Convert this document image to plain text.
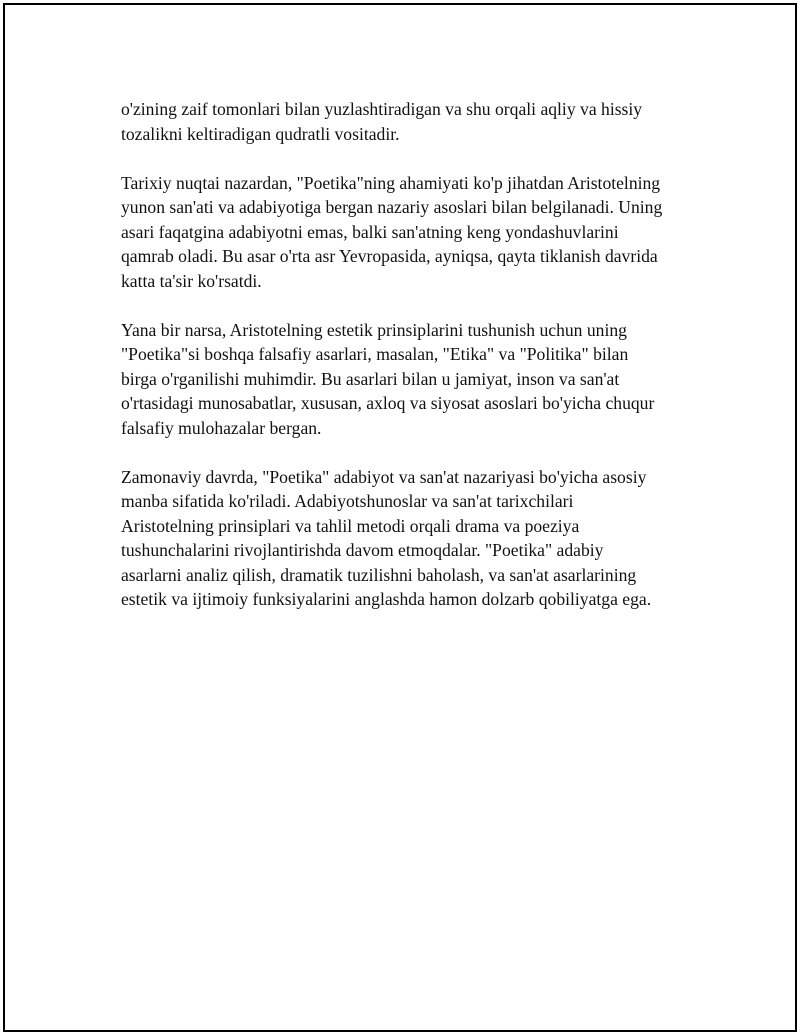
o'zining zaif tomonlari bilan yuzlashtiradigan va shu orqali aqliy va hissiy
tozalikni keltiradigan qudratli vositadir.

Tarixiy nuqtai nazardan, "Poetika"ning ahamiyati ko'p jihatdan Aristotelning
yunon san'ati va adabiyotiga bergan nazariy asoslari bilan belgilanadi. Uning
asari faqatgina adabiyotni emas, balki san'atning keng yondashuvlarini
qamrab oladi. Bu asar o'rta asr Yevropasida, ayniqsa, qayta tiklanish davrida
katta ta'sir ko'rsatdi.

Yana bir narsa, Aristotelning estetik prinsiplarini tushunish uchun uning
"Poetika"si boshqa falsafiy asarlari, masalan, "Etika" va "Politika" bilan
birga o'rganilishi muhimdir. Bu asarlari bilan u jamiyat, inson va san'at
o'rtasidagi munosabatlar, xususan, axloq va siyosat asoslari bo'yicha chuqur
falsafiy mulohazalar bergan.

Zamonaviy davrda, "Poetika" adabiyot va san'at nazariyasi bo'yicha asosiy
manba sifatida ko'riladi. Adabiyotshunoslar va san'at tarixchilari
Aristotelning prinsiplari va tahlil metodi orqali drama va poeziya
tushunchalarini rivojlantirishda davom etmoqdalar. "Poetika" adabiy
asarlarni analiz qilish, dramatik tuzilishni baholash, va san'at asarlarining
estetik va ijtimoiy funksiyalarini anglashda hamon dolzarb qobiliyatga ega.
